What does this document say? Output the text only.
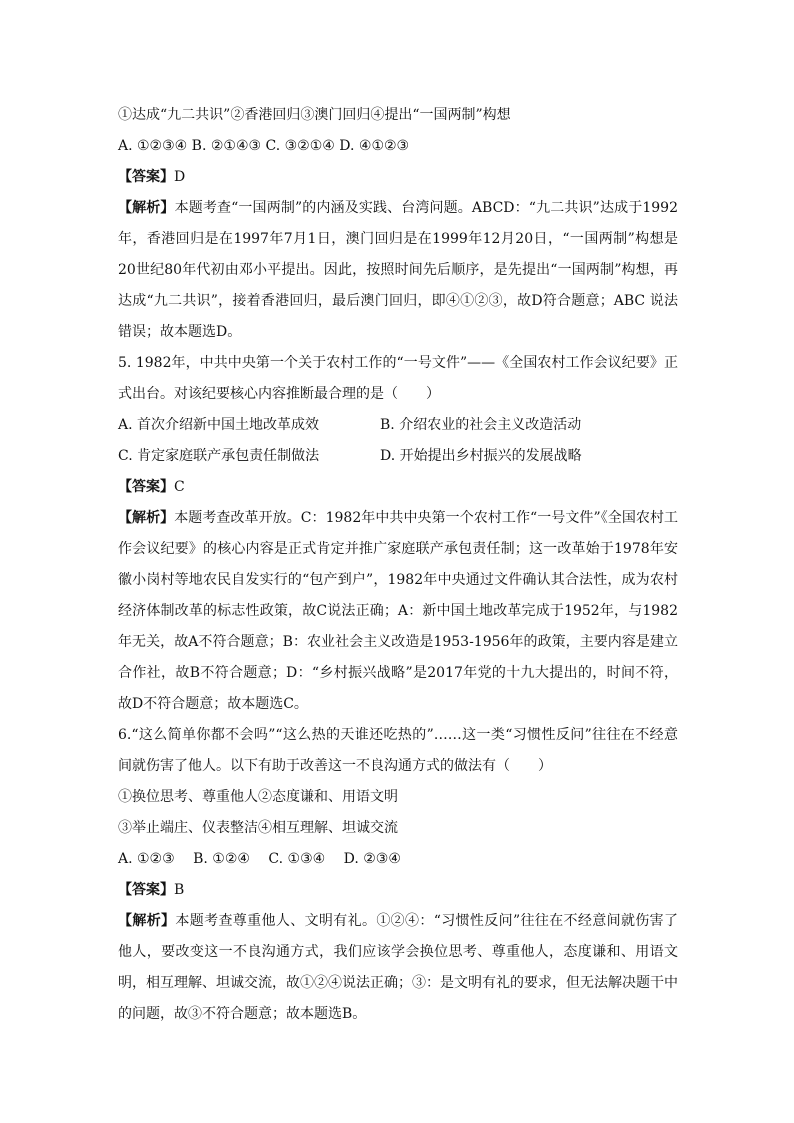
①达成“九二共识”②香港回归③澳门回归④提出“一国两制”构想
A. ①②③④ B. ②①④③ C. ③②①④ D. ④①②③
【答案】D
【解析】本题考查“一国两制”的内涵及实践、台湾问题。ABCD：“九二共识”达成于1992年，香港回归是在1997年7月1日，澳门回归是在1999年12月20日，“一国两制”构想是20世纪80年代初由邓小平提出。因此，按照时间先后顺序，是先提出“一国两制”构想，再达成“九二共识”，接着香港回归，最后澳门回归，即④①②③，故D符合题意；ABC 说法错误；故本题选D。
5. 1982年，中共中央第一个关于农村工作的“一号文件”——《全国农村工作会议纪要》正式出台。对该纪要核心内容推断最合理的是（　　）
A. 首次介绍新中国土地改革成效	B. 介绍农业的社会主义改造活动
C. 肯定家庭联产承包责任制做法	D. 开始提出乡村振兴的发展战略
【答案】C
【解析】本题考查改革开放。C：1982年中共中央第一个农村工作“一号文件”《全国农村工作会议纪要》的核心内容是正式肯定并推广家庭联产承包责任制；这一改革始于1978年安徽小岗村等地农民自发实行的“包产到户”，1982年中央通过文件确认其合法性，成为农村经济体制改革的标志性政策，故C说法正确；A：新中国土地改革完成于1952年，与1982年无关，故A不符合题意；B：农业社会主义改造是1953-1956年的政策，主要内容是建立合作社，故B不符合题意；D：“乡村振兴战略”是2017年党的十九大提出的，时间不符，故D不符合题意；故本题选C。
6.“这么简单你都不会吗”“这么热的天谁还吃热的”……这一类“习惯性反问”往往在不经意间就伤害了他人。以下有助于改善这一不良沟通方式的做法有（　　）
①换位思考、尊重他人②态度谦和、用语文明
③举止端庄、仪表整洁④相互理解、坦诚交流
A. ①②③　 B. ①②④　 C. ①③④　 D. ②③④
【答案】B
【解析】本题考查尊重他人、文明有礼。①②④：“习惯性反问”往往在不经意间就伤害了他人，要改变这一不良沟通方式，我们应该学会换位思考、尊重他人，态度谦和、用语文明，相互理解、坦诚交流，故①②④说法正确；③：是文明有礼的要求，但无法解决题干中的问题，故③不符合题意；故本题选B。
